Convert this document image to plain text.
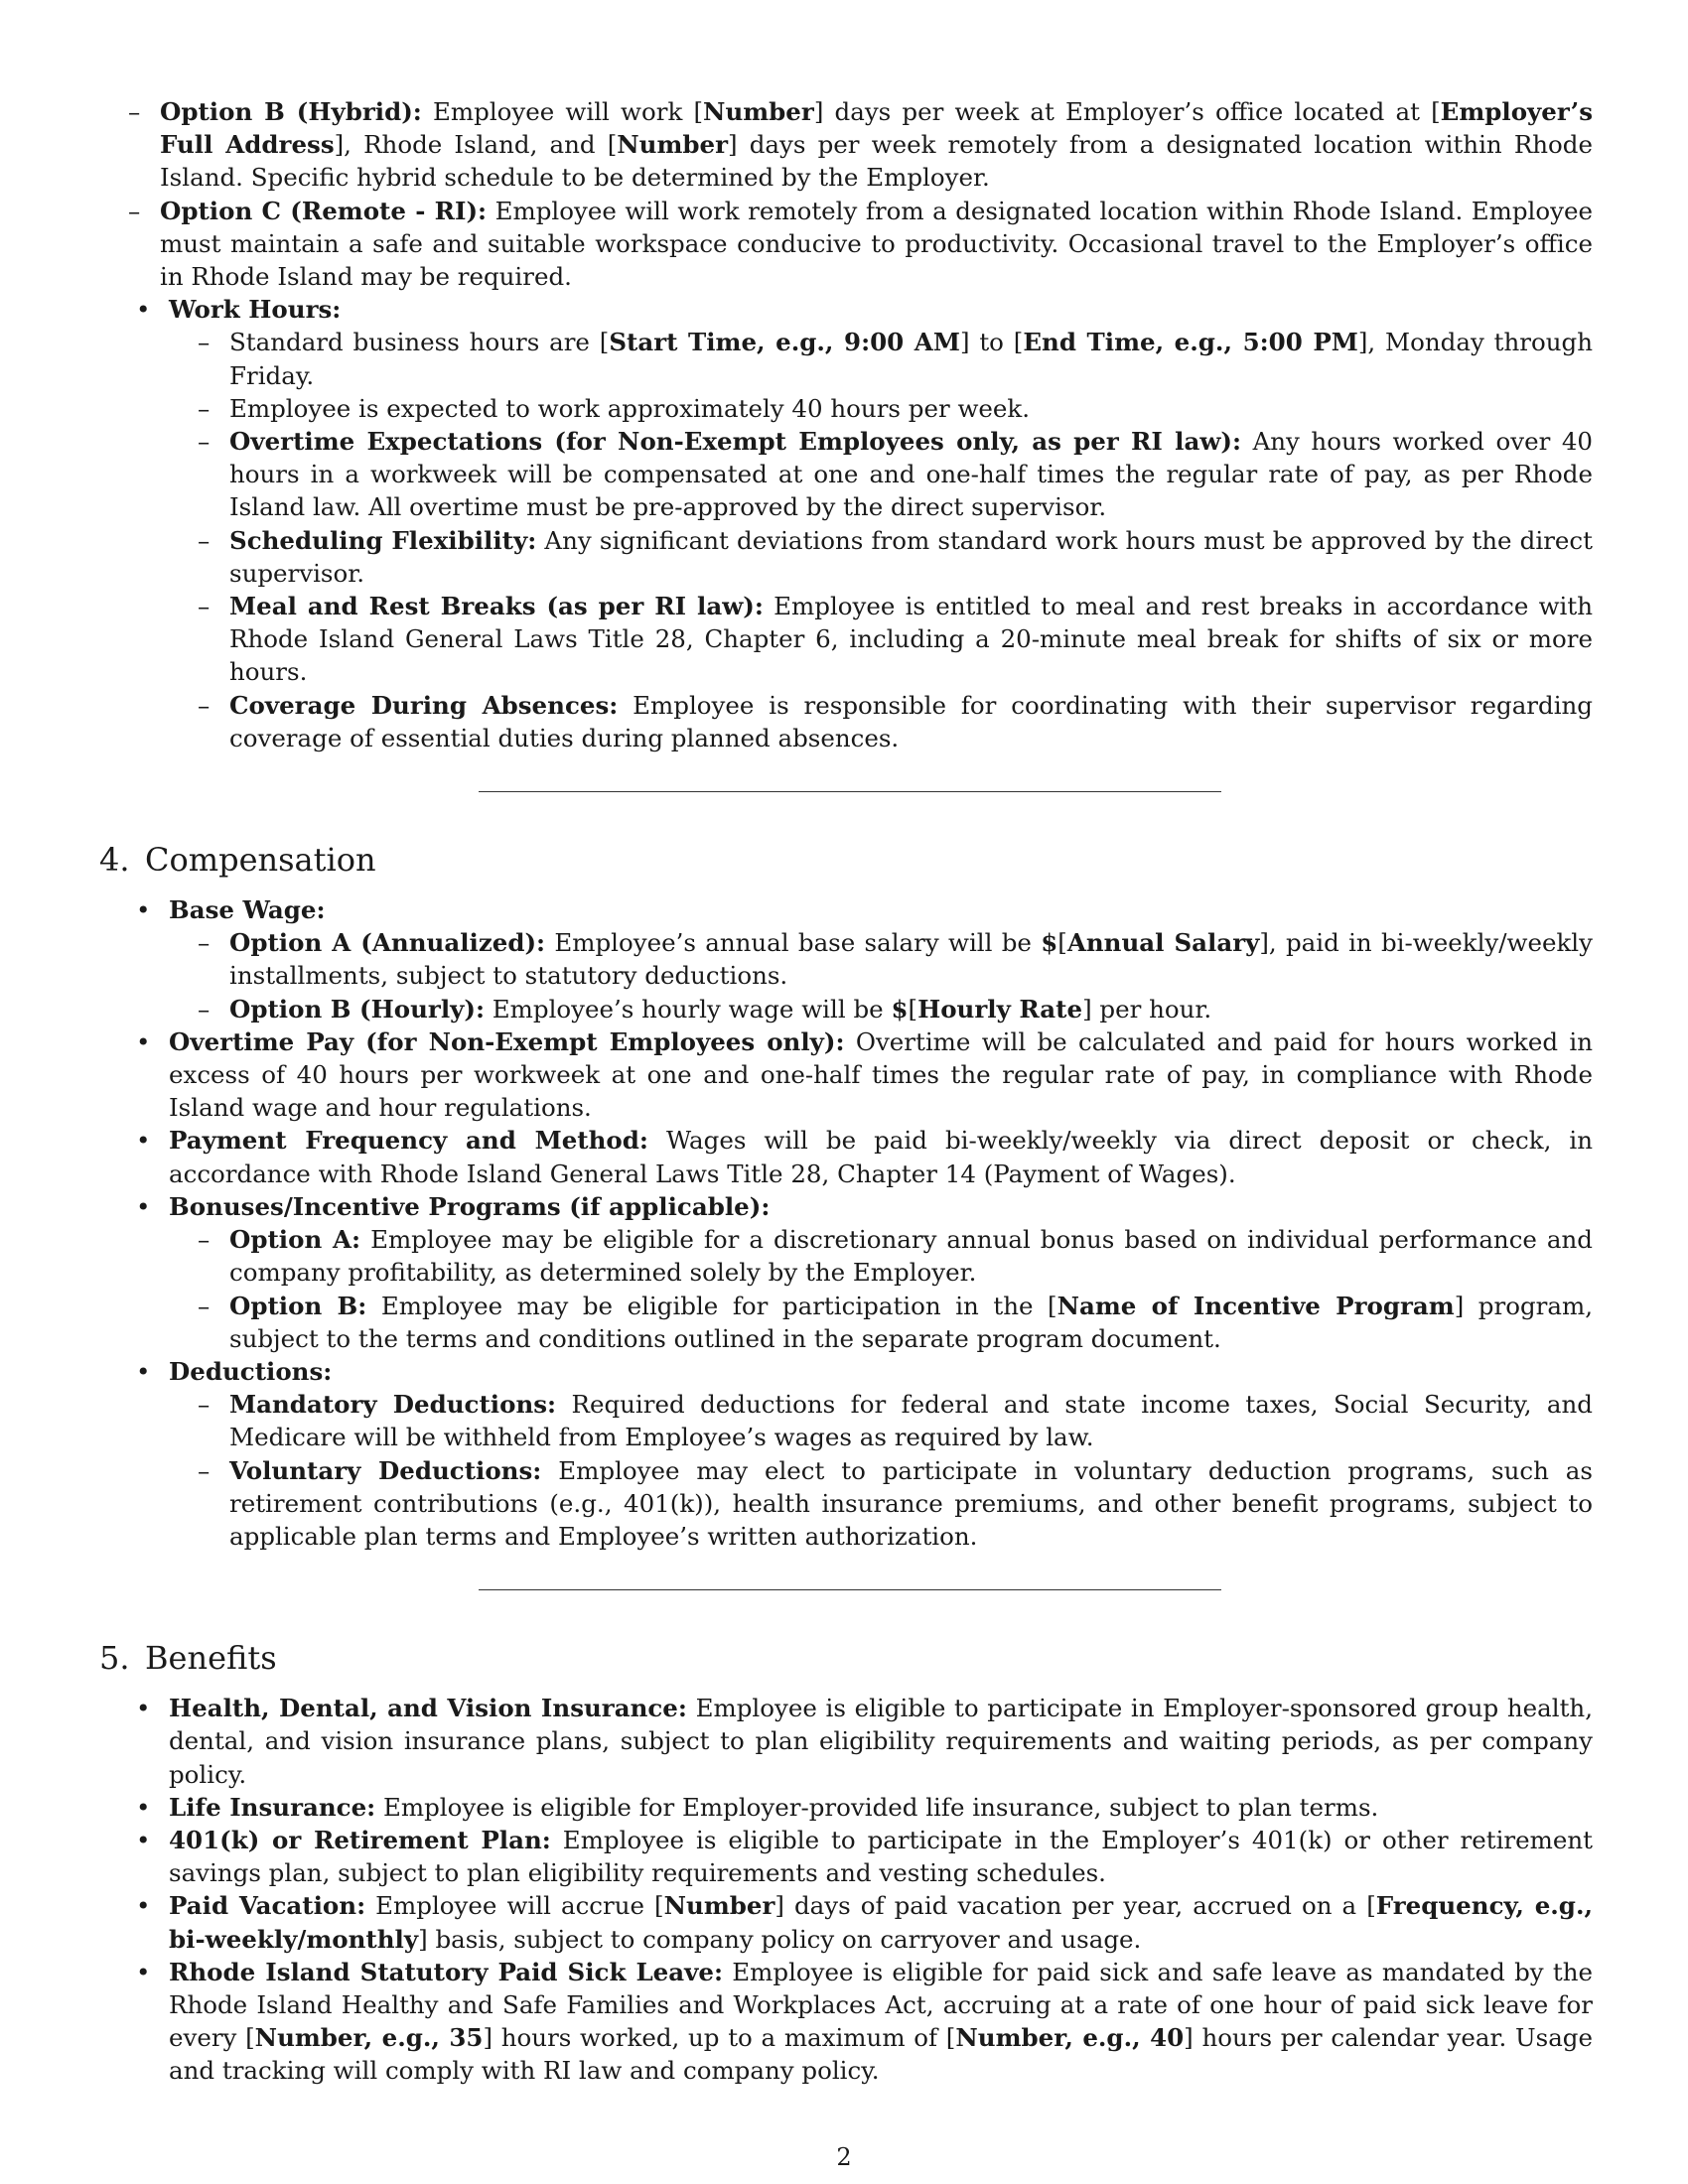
– Option B (Hybrid): Employee will work [Number] days per week at Employer’s office located at [Employer’s Full Address], Rhode Island, and [Number] days per week remotely from a designated location within Rhode Island. Specific hybrid schedule to be determined by the Employer.
– Option C (Remote - RI): Employee will work remotely from a designated location within Rhode Island. Employee must maintain a safe and suitable workspace conducive to productivity. Occasional travel to the Employer’s office in Rhode Island may be required.
• Work Hours:
– Standard business hours are [Start Time, e.g., 9:00 AM] to [End Time, e.g., 5:00 PM], Monday through Friday.
– Employee is expected to work approximately 40 hours per week.
– Overtime Expectations (for Non-Exempt Employees only, as per RI law): Any hours worked over 40 hours in a workweek will be compensated at one and one-half times the regular rate of pay, as per Rhode Island law. All overtime must be pre-approved by the direct supervisor.
– Scheduling Flexibility: Any significant deviations from standard work hours must be approved by the direct supervisor.
– Meal and Rest Breaks (as per RI law): Employee is entitled to meal and rest breaks in accordance with Rhode Island General Laws Title 28, Chapter 6, including a 20-minute meal break for shifts of six or more hours.
– Coverage During Absences: Employee is responsible for coordinating with their supervisor regarding coverage of essential duties during planned absences.
4. Compensation
• Base Wage:
– Option A (Annualized): Employee’s annual base salary will be $[Annual Salary], paid in bi-weekly/weekly installments, subject to statutory deductions.
– Option B (Hourly): Employee’s hourly wage will be $[Hourly Rate] per hour.
• Overtime Pay (for Non-Exempt Employees only): Overtime will be calculated and paid for hours worked in excess of 40 hours per workweek at one and one-half times the regular rate of pay, in compliance with Rhode Island wage and hour regulations.
• Payment Frequency and Method: Wages will be paid bi-weekly/weekly via direct deposit or check, in accordance with Rhode Island General Laws Title 28, Chapter 14 (Payment of Wages).
• Bonuses/Incentive Programs (if applicable):
– Option A: Employee may be eligible for a discretionary annual bonus based on individual performance and company profitability, as determined solely by the Employer.
– Option B: Employee may be eligible for participation in the [Name of Incentive Program] program, subject to the terms and conditions outlined in the separate program document.
• Deductions:
– Mandatory Deductions: Required deductions for federal and state income taxes, Social Security, and Medicare will be withheld from Employee’s wages as required by law.
– Voluntary Deductions: Employee may elect to participate in voluntary deduction programs, such as retirement contributions (e.g., 401(k)), health insurance premiums, and other benefit programs, subject to applicable plan terms and Employee’s written authorization.
5. Benefits
• Health, Dental, and Vision Insurance: Employee is eligible to participate in Employer-sponsored group health, dental, and vision insurance plans, subject to plan eligibility requirements and waiting periods, as per company policy.
• Life Insurance: Employee is eligible for Employer-provided life insurance, subject to plan terms.
• 401(k) or Retirement Plan: Employee is eligible to participate in the Employer’s 401(k) or other retirement savings plan, subject to plan eligibility requirements and vesting schedules.
• Paid Vacation: Employee will accrue [Number] days of paid vacation per year, accrued on a [Frequency, e.g., bi-weekly/monthly] basis, subject to company policy on carryover and usage.
• Rhode Island Statutory Paid Sick Leave: Employee is eligible for paid sick and safe leave as mandated by the Rhode Island Healthy and Safe Families and Workplaces Act, accruing at a rate of one hour of paid sick leave for every [Number, e.g., 35] hours worked, up to a maximum of [Number, e.g., 40] hours per calendar year. Usage and tracking will comply with RI law and company policy.
2
